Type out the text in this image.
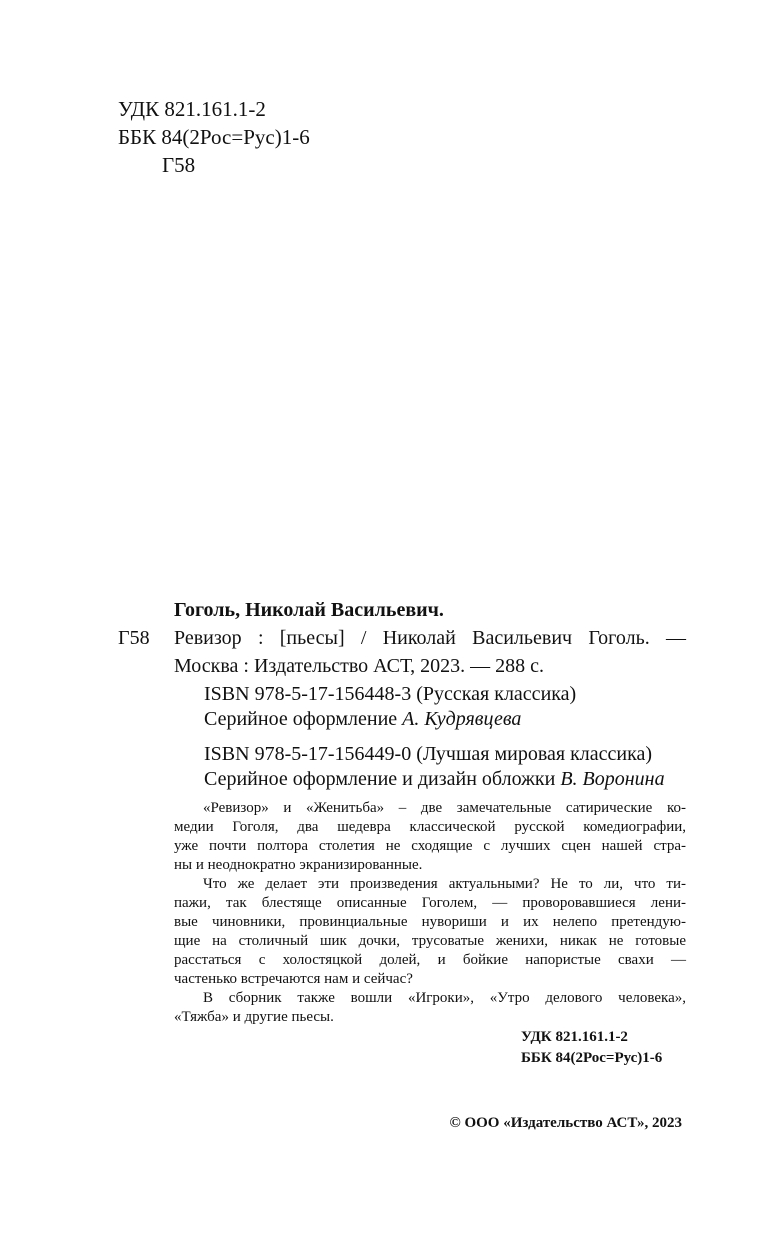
УДК 821.161.1-2
ББК 84(2Рос=Рус)1-6
Г58
Гоголь, Николай Васильевич.
Г58 Ревизор : [пьесы] / Николай Васильевич Гоголь. —
Москва : Издательство АСТ, 2023. — 288 с.
ISBN 978-5-17-156448-3 (Русская классика)
Серийное оформление А. Кудрявцева
ISBN 978-5-17-156449-0 (Лучшая мировая классика)
Серийное оформление и дизайн обложки В. Воронина
«Ревизор» и «Женитьба» – две замечательные сатирические ко-
медии Гоголя, два шедевра классической русской комедиографии,
уже почти полтора столетия не сходящие с лучших сцен нашей стра-
ны и неоднократно экранизированные.
Что же делает эти произведения актуальными? Не то ли, что ти-
пажи, так блестяще описанные Гоголем, — проворовавшиеся лени-
вые чиновники, провинциальные нувориши и их нелепо претендую-
щие на столичный шик дочки, трусоватые женихи, никак не готовые
расстаться с холостяцкой долей, и бойкие напористые свахи —
частенько встречаются нам и сейчас?
В сборник также вошли «Игроки», «Утро делового человека»,
«Тяжба» и другие пьесы.
УДК 821.161.1-2
ББК 84(2Рос=Рус)1-6
© ООО «Издательство АСТ», 2023
